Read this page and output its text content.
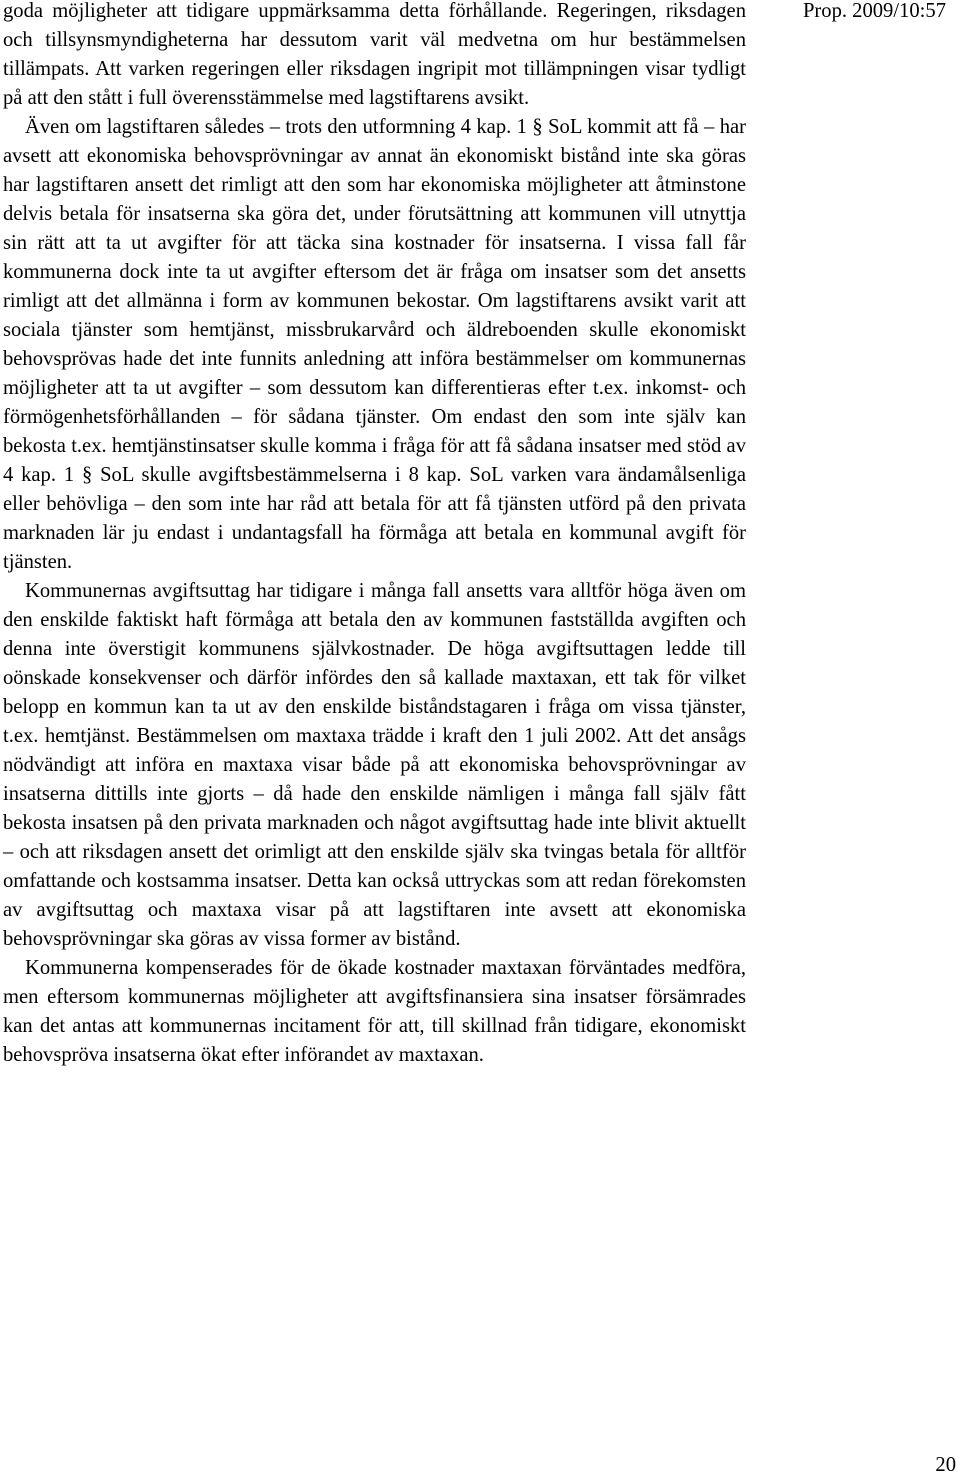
Prop. 2009/10:57

goda möjligheter att tidigare uppmärksamma detta förhållande. Regeringen, riksdagen och tillsynsmyndigheterna har dessutom varit väl medvetna om hur bestämmelsen tillämpats. Att varken regeringen eller riksdagen ingripit mot tillämpningen visar tydligt på att den stått i full överensstämmelse med lagstiftarens avsikt.

Även om lagstiftaren således – trots den utformning 4 kap. 1 § SoL kommit att få – har avsett att ekonomiska behovsprövningar av annat än ekonomiskt bistånd inte ska göras har lagstiftaren ansett det rimligt att den som har ekonomiska möjligheter att åtminstone delvis betala för insatserna ska göra det, under förutsättning att kommunen vill utnyttja sin rätt att ta ut avgifter för att täcka sina kostnader för insatserna. I vissa fall får kommunerna dock inte ta ut avgifter eftersom det är fråga om insatser som det ansetts rimligt att det allmänna i form av kommunen bekostar. Om lagstiftarens avsikt varit att sociala tjänster som hemtjänst, missbrukarvård och äldreboenden skulle ekonomiskt behovsprövas hade det inte funnits anledning att införa bestämmelser om kommunernas möjligheter att ta ut avgifter – som dessutom kan differentieras efter t.ex. inkomst- och förmögenhetsförhållanden – för sådana tjänster. Om endast den som inte själv kan bekosta t.ex. hemtjänstinsatser skulle komma i fråga för att få sådana insatser med stöd av 4 kap. 1 § SoL skulle avgiftsbestämmelserna i 8 kap. SoL varken vara ändamålsenliga eller behövliga – den som inte har råd att betala för att få tjänsten utförd på den privata marknaden lär ju endast i undantagsfall ha förmåga att betala en kommunal avgift för tjänsten.

Kommunernas avgiftsuttag har tidigare i många fall ansetts vara alltför höga även om den enskilde faktiskt haft förmåga att betala den av kommunen fastställda avgiften och denna inte överstigit kommunens självkostnader. De höga avgiftsuttagen ledde till oönskade konsekvenser och därför infördes den så kallade maxtaxan, ett tak för vilket belopp en kommun kan ta ut av den enskilde biståndstagaren i fråga om vissa tjänster, t.ex. hemtjänst. Bestämmelsen om maxtaxa trädde i kraft den 1 juli 2002. Att det ansågs nödvändigt att införa en maxtaxa visar både på att ekonomiska behovsprövningar av insatserna dittills inte gjorts – då hade den enskilde nämligen i många fall själv fått bekosta insatsen på den privata marknaden och något avgiftsuttag hade inte blivit aktuellt – och att riksdagen ansett det orimligt att den enskilde själv ska tvingas betala för alltför omfattande och kostsamma insatser. Detta kan också uttryckas som att redan förekomsten av avgiftsuttag och maxtaxa visar på att lagstiftaren inte avsett att ekonomiska behovsprövningar ska göras av vissa former av bistånd.

Kommunerna kompenserades för de ökade kostnader maxtaxan förväntades medföra, men eftersom kommunernas möjligheter att avgiftsfinansiera sina insatser försämrades kan det antas att kommunernas incitament för att, till skillnad från tidigare, ekonomiskt behovspröva insatserna ökat efter införandet av maxtaxan.

20
